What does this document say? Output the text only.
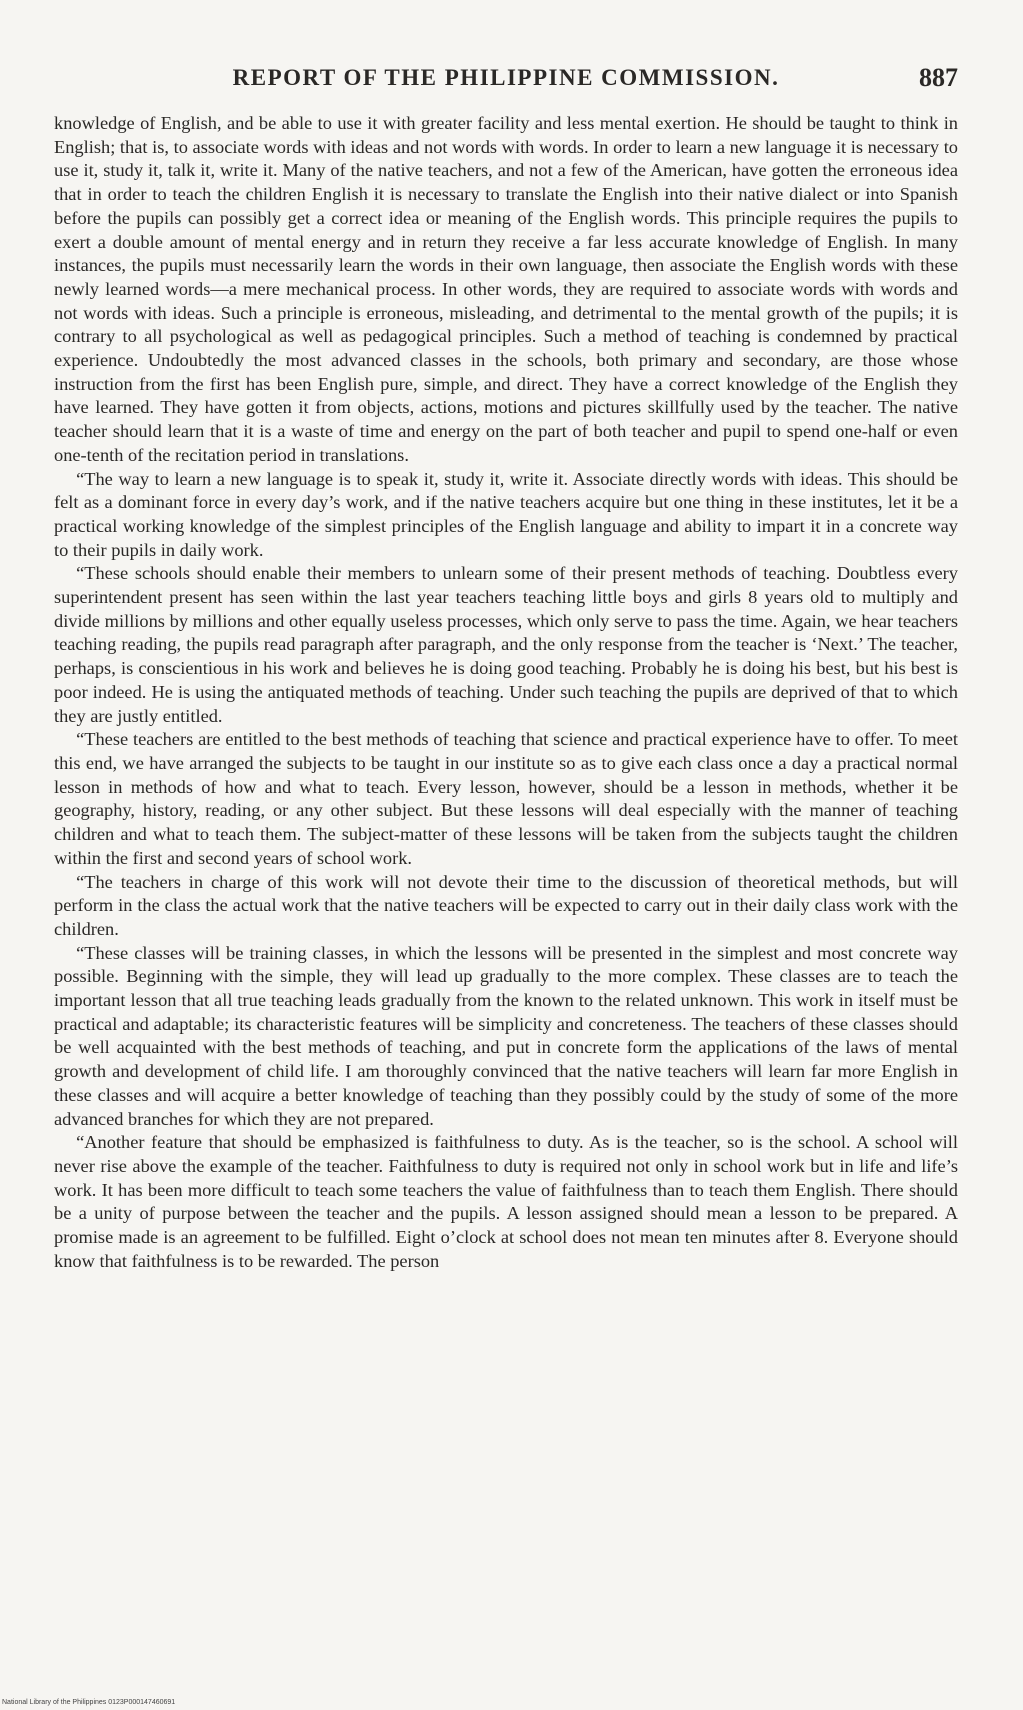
REPORT OF THE PHILIPPINE COMMISSION.	887

knowledge of English, and be able to use it with greater facility and less mental exertion. He should be taught to think in English; that is, to associate words with ideas and not words with words. In order to learn a new language it is necessary to use it, study it, talk it, write it. Many of the native teachers, and not a few of the American, have gotten the erroneous idea that in order to teach the children English it is necessary to translate the English into their native dialect or into Spanish before the pupils can possibly get a correct idea or meaning of the English words. This principle requires the pupils to exert a double amount of mental energy and in return they receive a far less accurate knowledge of English. In many instances, the pupils must necessarily learn the words in their own language, then associate the English words with these newly learned words—a mere mechanical process. In other words, they are required to associate words with words and not words with ideas. Such a principle is erroneous, misleading, and detrimental to the mental growth of the pupils; it is contrary to all psychological as well as pedagogical principles. Such a method of teaching is condemned by practical experience. Undoubtedly the most advanced classes in the schools, both primary and secondary, are those whose instruction from the first has been English pure, simple, and direct. They have a correct knowledge of the English they have learned. They have gotten it from objects, actions, motions and pictures skillfully used by the teacher. The native teacher should learn that it is a waste of time and energy on the part of both teacher and pupil to spend one-half or even one-tenth of the recitation period in translations.

“The way to learn a new language is to speak it, study it, write it. Associate directly words with ideas. This should be felt as a dominant force in every day’s work, and if the native teachers acquire but one thing in these institutes, let it be a practical working knowledge of the simplest principles of the English language and ability to impart it in a concrete way to their pupils in daily work.

“These schools should enable their members to unlearn some of their present methods of teaching. Doubtless every superintendent present has seen within the last year teachers teaching little boys and girls 8 years old to multiply and divide millions by millions and other equally useless processes, which only serve to pass the time. Again, we hear teachers teaching reading, the pupils read paragraph after paragraph, and the only response from the teacher is ‘Next.’ The teacher, perhaps, is conscientious in his work and believes he is doing good teaching. Probably he is doing his best, but his best is poor indeed. He is using the antiquated methods of teaching. Under such teaching the pupils are deprived of that to which they are justly entitled.

“These teachers are entitled to the best methods of teaching that science and practical experience have to offer. To meet this end, we have arranged the subjects to be taught in our institute so as to give each class once a day a practical normal lesson in methods of how and what to teach. Every lesson, however, should be a lesson in methods, whether it be geography, history, reading, or any other subject. But these lessons will deal especially with the manner of teaching children and what to teach them. The subject-matter of these lessons will be taken from the subjects taught the children within the first and second years of school work.

“The teachers in charge of this work will not devote their time to the discussion of theoretical methods, but will perform in the class the actual work that the native teachers will be expected to carry out in their daily class work with the children.

“These classes will be training classes, in which the lessons will be presented in the simplest and most concrete way possible. Beginning with the simple, they will lead up gradually to the more complex. These classes are to teach the important lesson that all true teaching leads gradually from the known to the related unknown. This work in itself must be practical and adaptable; its characteristic features will be simplicity and concreteness. The teachers of these classes should be well acquainted with the best methods of teaching, and put in concrete form the applications of the laws of mental growth and development of child life. I am thoroughly convinced that the native teachers will learn far more English in these classes and will acquire a better knowledge of teaching than they possibly could by the study of some of the more advanced branches for which they are not prepared.

“Another feature that should be emphasized is faithfulness to duty. As is the teacher, so is the school. A school will never rise above the example of the teacher. Faithfulness to duty is required not only in school work but in life and life’s work. It has been more difficult to teach some teachers the value of faithfulness than to teach them English. There should be a unity of purpose between the teacher and the pupils. A lesson assigned should mean a lesson to be prepared. A promise made is an agreement to be fulfilled. Eight o’clock at school does not mean ten minutes after 8. Everyone should know that faithfulness is to be rewarded. The person

National Library of the Philippines 0123P000147460691
